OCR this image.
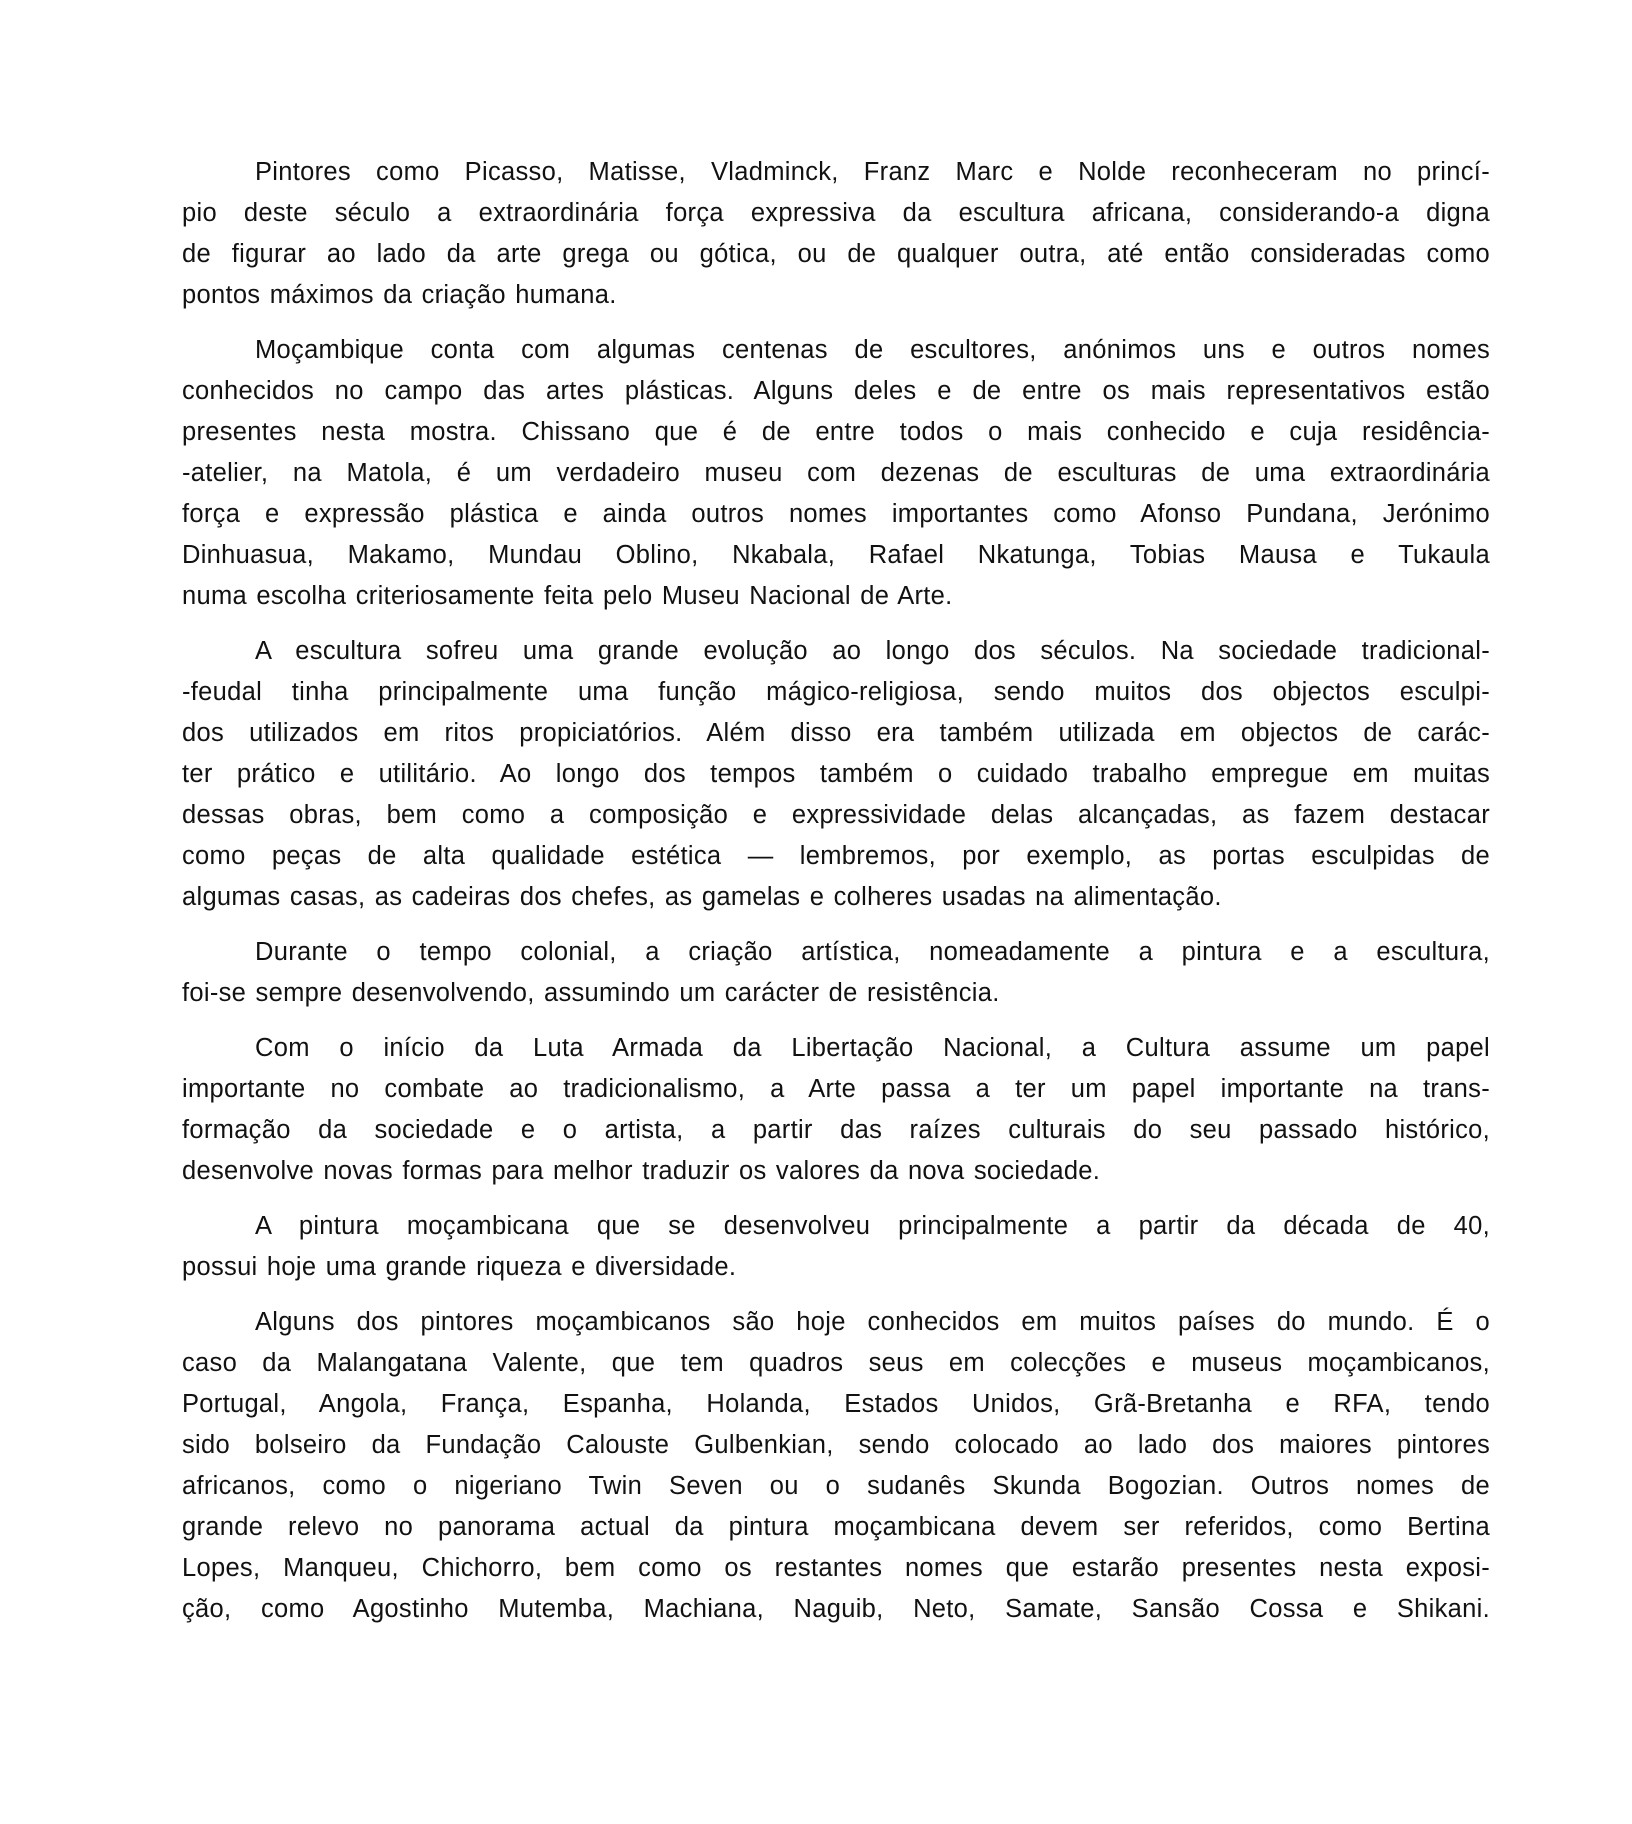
Pintores como Picasso, Matisse, Vladminck, Franz Marc e Nolde reconheceram no princí-
pio deste século a extraordinária força expressiva da escultura africana, considerando-a digna
de figurar ao lado da arte grega ou gótica, ou de qualquer outra, até então consideradas como
pontos máximos da criação humana.
Moçambique conta com algumas centenas de escultores, anónimos uns e outros nomes
conhecidos no campo das artes plásticas. Alguns deles e de entre os mais representativos estão
presentes nesta mostra. Chissano que é de entre todos o mais conhecido e cuja residência-
-atelier, na Matola, é um verdadeiro museu com dezenas de esculturas de uma extraordinária
força e expressão plástica e ainda outros nomes importantes como Afonso Pundana, Jerónimo
Dinhuasua, Makamo, Mundau Oblino, Nkabala, Rafael Nkatunga, Tobias Mausa e Tukaula
numa escolha criteriosamente feita pelo Museu Nacional de Arte.
A escultura sofreu uma grande evolução ao longo dos séculos. Na sociedade tradicional-
-feudal tinha principalmente uma função mágico-religiosa, sendo muitos dos objectos esculpi-
dos utilizados em ritos propiciatórios. Além disso era também utilizada em objectos de carác-
ter prático e utilitário. Ao longo dos tempos também o cuidado trabalho empregue em muitas
dessas obras, bem como a composição e expressividade delas alcançadas, as fazem destacar
como peças de alta qualidade estética — lembremos, por exemplo, as portas esculpidas de
algumas casas, as cadeiras dos chefes, as gamelas e colheres usadas na alimentação.
Durante o tempo colonial, a criação artística, nomeadamente a pintura e a escultura,
foi-se sempre desenvolvendo, assumindo um carácter de resistência.
Com o início da Luta Armada da Libertação Nacional, a Cultura assume um papel
importante no combate ao tradicionalismo, a Arte passa a ter um papel importante na trans-
formação da sociedade e o artista, a partir das raízes culturais do seu passado histórico,
desenvolve novas formas para melhor traduzir os valores da nova sociedade.
A pintura moçambicana que se desenvolveu principalmente a partir da década de 40,
possui hoje uma grande riqueza e diversidade.
Alguns dos pintores moçambicanos são hoje conhecidos em muitos países do mundo. É o
caso da Malangatana Valente, que tem quadros seus em colecções e museus moçambicanos,
Portugal, Angola, França, Espanha, Holanda, Estados Unidos, Grã-Bretanha e RFA, tendo
sido bolseiro da Fundação Calouste Gulbenkian, sendo colocado ao lado dos maiores pintores
africanos, como o nigeriano Twin Seven ou o sudanês Skunda Bogozian. Outros nomes de
grande relevo no panorama actual da pintura moçambicana devem ser referidos, como Bertina
Lopes, Manqueu, Chichorro, bem como os restantes nomes que estarão presentes nesta exposi-
ção, como Agostinho Mutemba, Machiana, Naguib, Neto, Samate, Sansão Cossa e Shikani.
